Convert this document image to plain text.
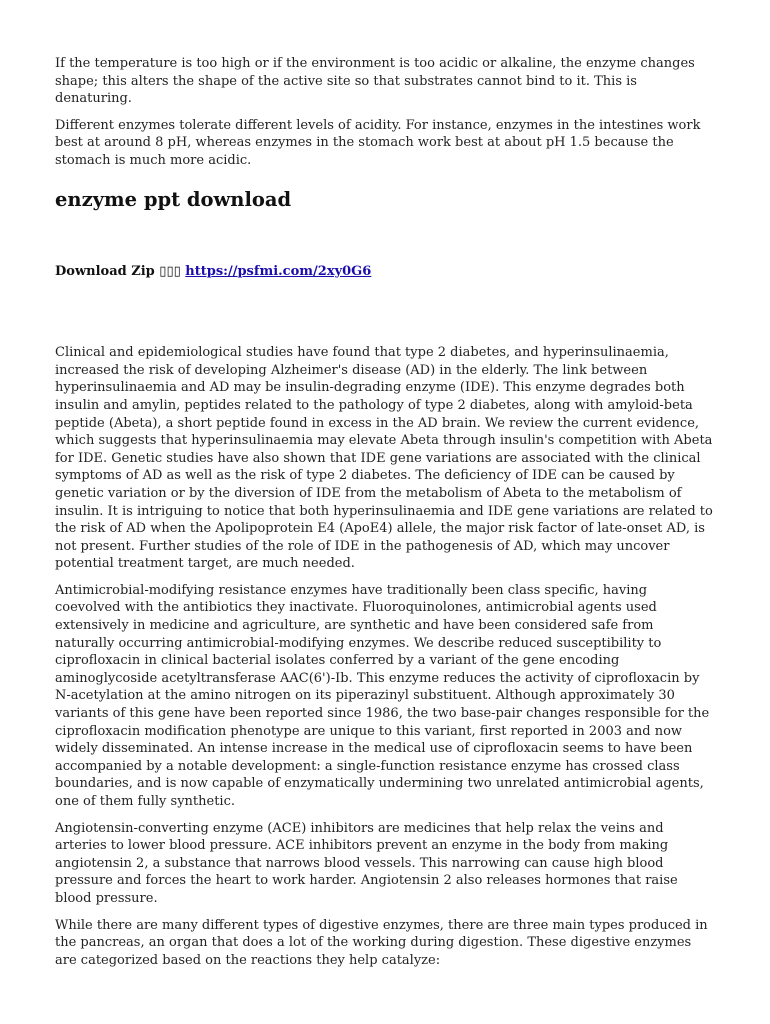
If the temperature is too high or if the environment is too acidic or alkaline, the enzyme changes shape; this alters the shape of the active site so that substrates cannot bind to it. This is denaturing.

Different enzymes tolerate different levels of acidity. For instance, enzymes in the intestines work best at around 8 pH, whereas enzymes in the stomach work best at about pH 1.5 because the stomach is much more acidic.

enzyme ppt download

Download Zip ▯▯▯ https://psfmi.com/2xy0G6

Clinical and epidemiological studies have found that type 2 diabetes, and hyperinsulinaemia, increased the risk of developing Alzheimer's disease (AD) in the elderly. The link between hyperinsulinaemia and AD may be insulin-degrading enzyme (IDE). This enzyme degrades both insulin and amylin, peptides related to the pathology of type 2 diabetes, along with amyloid-beta peptide (Abeta), a short peptide found in excess in the AD brain. We review the current evidence, which suggests that hyperinsulinaemia may elevate Abeta through insulin's competition with Abeta for IDE. Genetic studies have also shown that IDE gene variations are associated with the clinical symptoms of AD as well as the risk of type 2 diabetes. The deficiency of IDE can be caused by genetic variation or by the diversion of IDE from the metabolism of Abeta to the metabolism of insulin. It is intriguing to notice that both hyperinsulinaemia and IDE gene variations are related to the risk of AD when the Apolipoprotein E4 (ApoE4) allele, the major risk factor of late-onset AD, is not present. Further studies of the role of IDE in the pathogenesis of AD, which may uncover potential treatment target, are much needed.

Antimicrobial-modifying resistance enzymes have traditionally been class specific, having coevolved with the antibiotics they inactivate. Fluoroquinolones, antimicrobial agents used extensively in medicine and agriculture, are synthetic and have been considered safe from naturally occurring antimicrobial-modifying enzymes. We describe reduced susceptibility to ciprofloxacin in clinical bacterial isolates conferred by a variant of the gene encoding aminoglycoside acetyltransferase AAC(6')-Ib. This enzyme reduces the activity of ciprofloxacin by N-acetylation at the amino nitrogen on its piperazinyl substituent. Although approximately 30 variants of this gene have been reported since 1986, the two base-pair changes responsible for the ciprofloxacin modification phenotype are unique to this variant, first reported in 2003 and now widely disseminated. An intense increase in the medical use of ciprofloxacin seems to have been accompanied by a notable development: a single-function resistance enzyme has crossed class boundaries, and is now capable of enzymatically undermining two unrelated antimicrobial agents, one of them fully synthetic.

Angiotensin-converting enzyme (ACE) inhibitors are medicines that help relax the veins and arteries to lower blood pressure. ACE inhibitors prevent an enzyme in the body from making angiotensin 2, a substance that narrows blood vessels. This narrowing can cause high blood pressure and forces the heart to work harder. Angiotensin 2 also releases hormones that raise blood pressure.

While there are many different types of digestive enzymes, there are three main types produced in the pancreas, an organ that does a lot of the working during digestion. These digestive enzymes are categorized based on the reactions they help catalyze:
